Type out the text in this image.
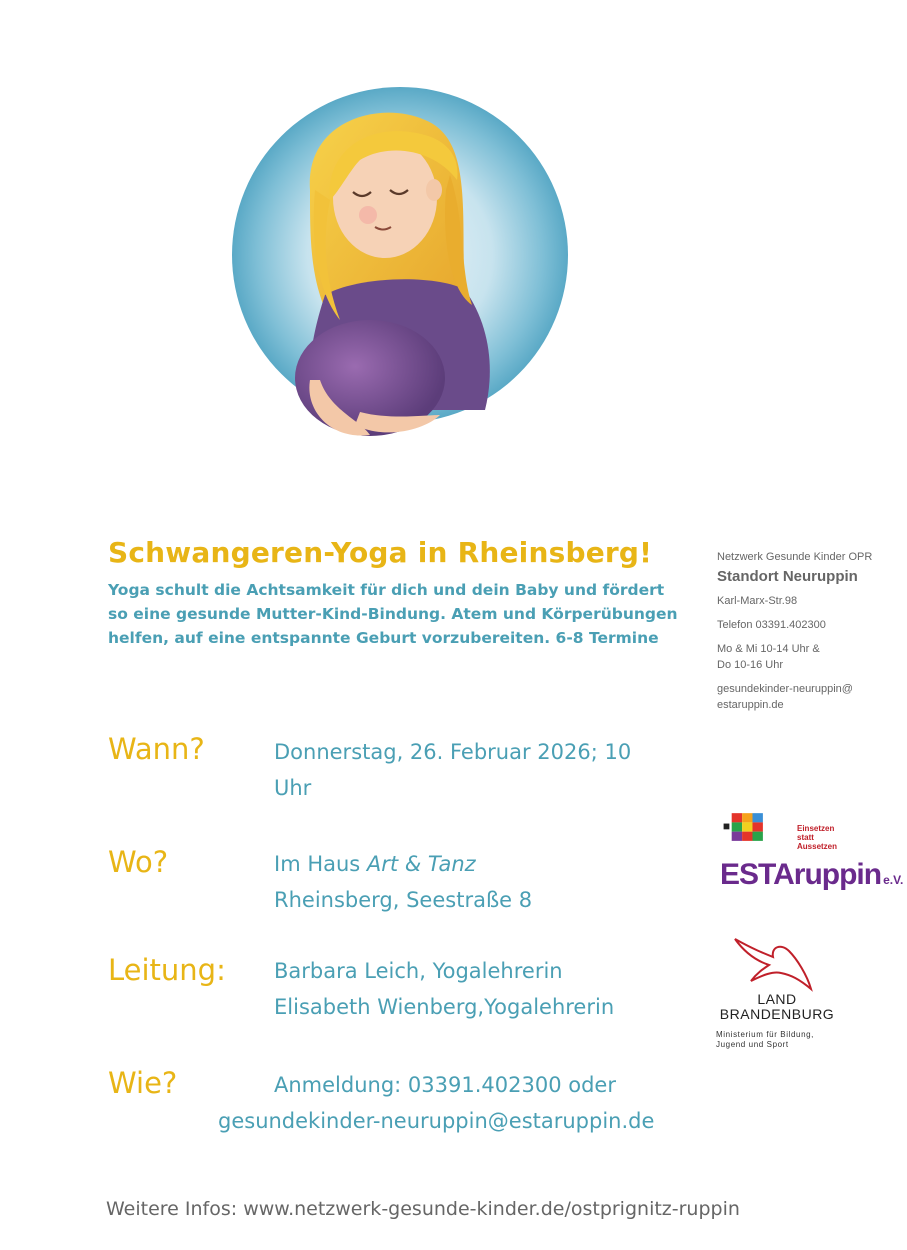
Schwangeren-Yoga in Rheinsberg!
Yoga schult die Achtsamkeit für dich und dein Baby und fördert
so eine gesunde Mutter-Kind-Bindung. Atem und Körperübungen
helfen, auf eine entspannte Geburt vorzubereiten. 6-8 Termine
Netzwerk Gesunde Kinder OPR
Standort Neuruppin
Karl-Marx-Str.98
Telefon 03391.402300
Mo & Mi 10-14 Uhr &
Do 10-16 Uhr
gesundekinder-neuruppin@
estaruppin.de
Wann?	Donnerstag, 26. Februar 2026; 10
Uhr
Wo?	Im Haus Art & Tanz
Rheinsberg, Seestraße 8
Leitung: Barbara Leich, Yogalehrerin
Elisabeth Wienberg,Yogalehrerin
Wie?	Anmeldung: 03391.402300 oder
gesundekinder-neuruppin@estaruppin.de
Einsetzen
statt
Aussetzen
ESTAruppin e.V.
LAND
BRANDENBURG
Ministerium für Bildung,
Jugend und Sport
Weitere Infos: www.netzwerk-gesunde-kinder.de/ostprignitz-ruppin
